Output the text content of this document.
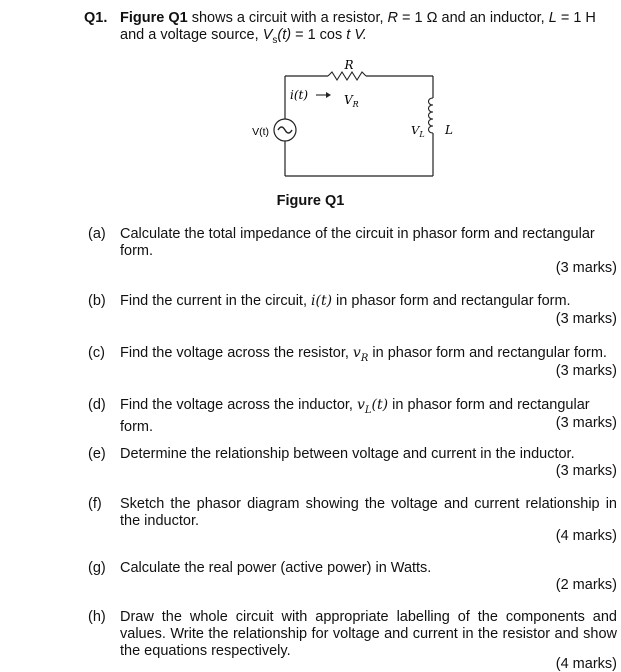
Q1. Figure Q1 shows a circuit with a resistor, R = 1 Ω and an inductor, L = 1 H and a voltage source, $V_s(t) = 1$ cos t V.
R
i(t)	$V_R$
V(t)	$V_L$ L
Figure Q1
(a) Calculate the total impedance of the circuit in phasor form and rectangular form.
(3 marks)
(b) Find the current in the circuit, i(t) in phasor form and rectangular form.
(3 marks)
(c) Find the voltage across the resistor, $v_R$ in phasor form and rectangular form.
(3 marks)
(d) Find the voltage across the inductor, $v_L(t)$ in phasor form and rectangular form.	(3 marks)
(e) Determine the relationship between voltage and current in the inductor.
(3 marks)
(f) Sketch the phasor diagram showing the voltage and current relationship in the inductor.
(4 marks)
(g) Calculate the real power (active power) in Watts.
(2 marks)
(h) Draw the whole circuit with appropriate labelling of the components and values. Write the relationship for voltage and current in the resistor and show the equations respectively.
(4 marks)
